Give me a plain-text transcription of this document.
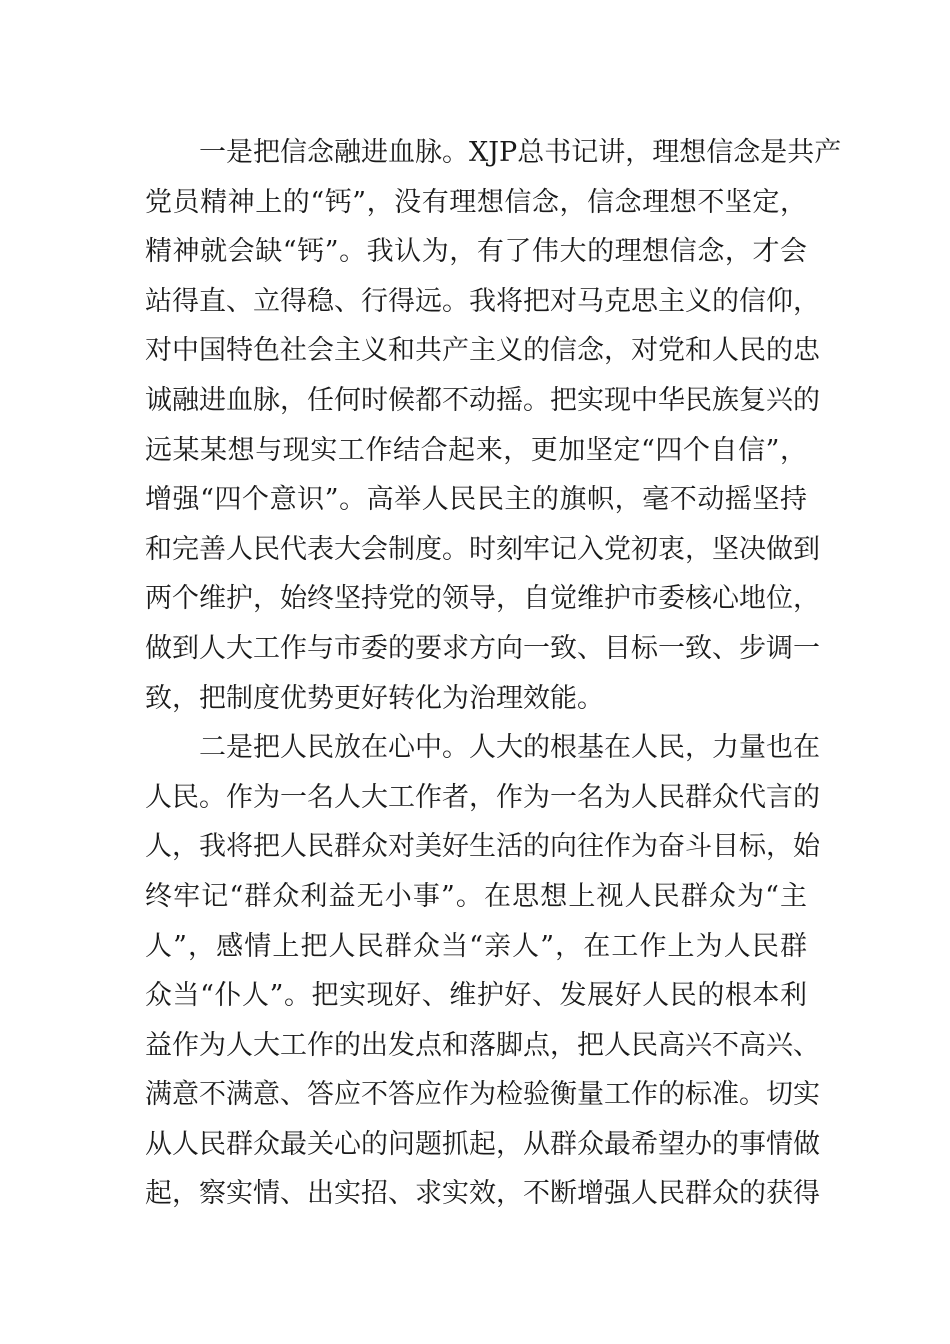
一是把信念融进血脉。XJP总书记讲，理想信念是共产
党员精神上的“钙”，没有理想信念，信念理想不坚定，
精神就会缺“钙”。我认为，有了伟大的理想信念，才会
站得直、立得稳、行得远。我将把对马克思主义的信仰，
对中国特色社会主义和共产主义的信念，对党和人民的忠
诚融进血脉，任何时候都不动摇。把实现中华民族复兴的
远某某想与现实工作结合起来，更加坚定“四个自信”，
增强“四个意识”。高举人民民主的旗帜，毫不动摇坚持
和完善人民代表大会制度。时刻牢记入党初衷，坚决做到
两个维护，始终坚持党的领导，自觉维护市委核心地位，
做到人大工作与市委的要求方向一致、目标一致、步调一
致，把制度优势更好转化为治理效能。
二是把人民放在心中。人大的根基在人民，力量也在
人民。作为一名人大工作者，作为一名为人民群众代言的
人，我将把人民群众对美好生活的向往作为奋斗目标，始
终牢记“群众利益无小事”。在思想上视人民群众为“主
人”，感情上把人民群众当“亲人”，在工作上为人民群
众当“仆人”。把实现好、维护好、发展好人民的根本利
益作为人大工作的出发点和落脚点，把人民高兴不高兴、
满意不满意、答应不答应作为检验衡量工作的标准。切实
从人民群众最关心的问题抓起，从群众最希望办的事情做
起，察实情、出实招、求实效，不断增强人民群众的获得
